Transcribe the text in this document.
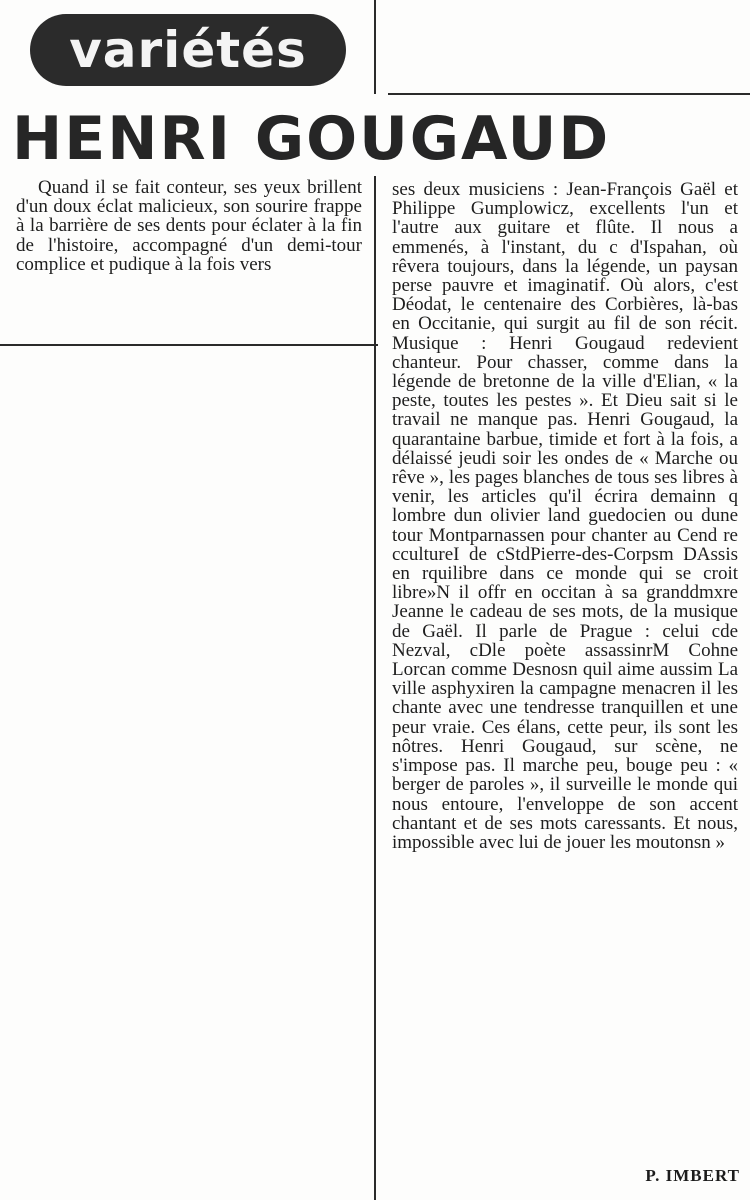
variétés
HENRI GOUGAUD
Quand il se fait conteur, ses yeux brillent d'un doux éclat malicieux, son sourire frappe à la barrière de ses dents pour éclater à la fin de l'histoire, accompagné d'un demi-tour complice et pudique à la fois vers
ses deux musiciens : Jean-François Gaël et Philippe Gumplowicz, excellents l'un et l'autre aux guitare et flûte. Il nous a emmenés, à l'instant, du c d'Ispahan, où rêvera toujours, dans la légende, un paysan perse pauvre et imaginatif. Où alors, c'est Déodat, le centenaire des Corbières, là-bas en Occitanie, qui surgit au fil de son récit. Musique : Henri Gougaud redevient chanteur. Pour chasser, comme dans la légende de bretonne de la ville d'Elian, « la peste, toutes les pestes ». Et Dieu sait si le travail ne manque pas. Henri Gougaud, la quarantaine barbue, timide et fort à la fois, a délaissé jeudi soir les ondes de « Marche ou rêve », les pages blanches de tous ses libres à venir, les articles qu'il écrira demainn q lombre dun olivier land guedocien ou dune tour Montparnassen pour chanter au Cend re ccultureI de cStdPierre-des-Corpsm DAssis en rquilibre dans ce monde qui se croit libre»N il offr en occitan à sa granddmxre Jeanne le cadeau de ses mots, de la musique de Gaël. Il parle de Prague : celui cde Nezval, cDle poète assassinrM Cohne Lorcan comme Desnosn quil aime aussim La ville asphyxiren la campagne menacren il les chante avec une tendresse tranquillen et une peur vraie. Ces élans, cette peur, ils sont les nôtres. Henri Gougaud, sur scène, ne s'impose pas. Il marche peu, bouge peu : « berger de paroles », il surveille le monde qui nous entoure, l'enveloppe de son accent chantant et de ses mots caressants. Et nous, impossible avec lui de jouer les moutonsn »
P. IMBERT
